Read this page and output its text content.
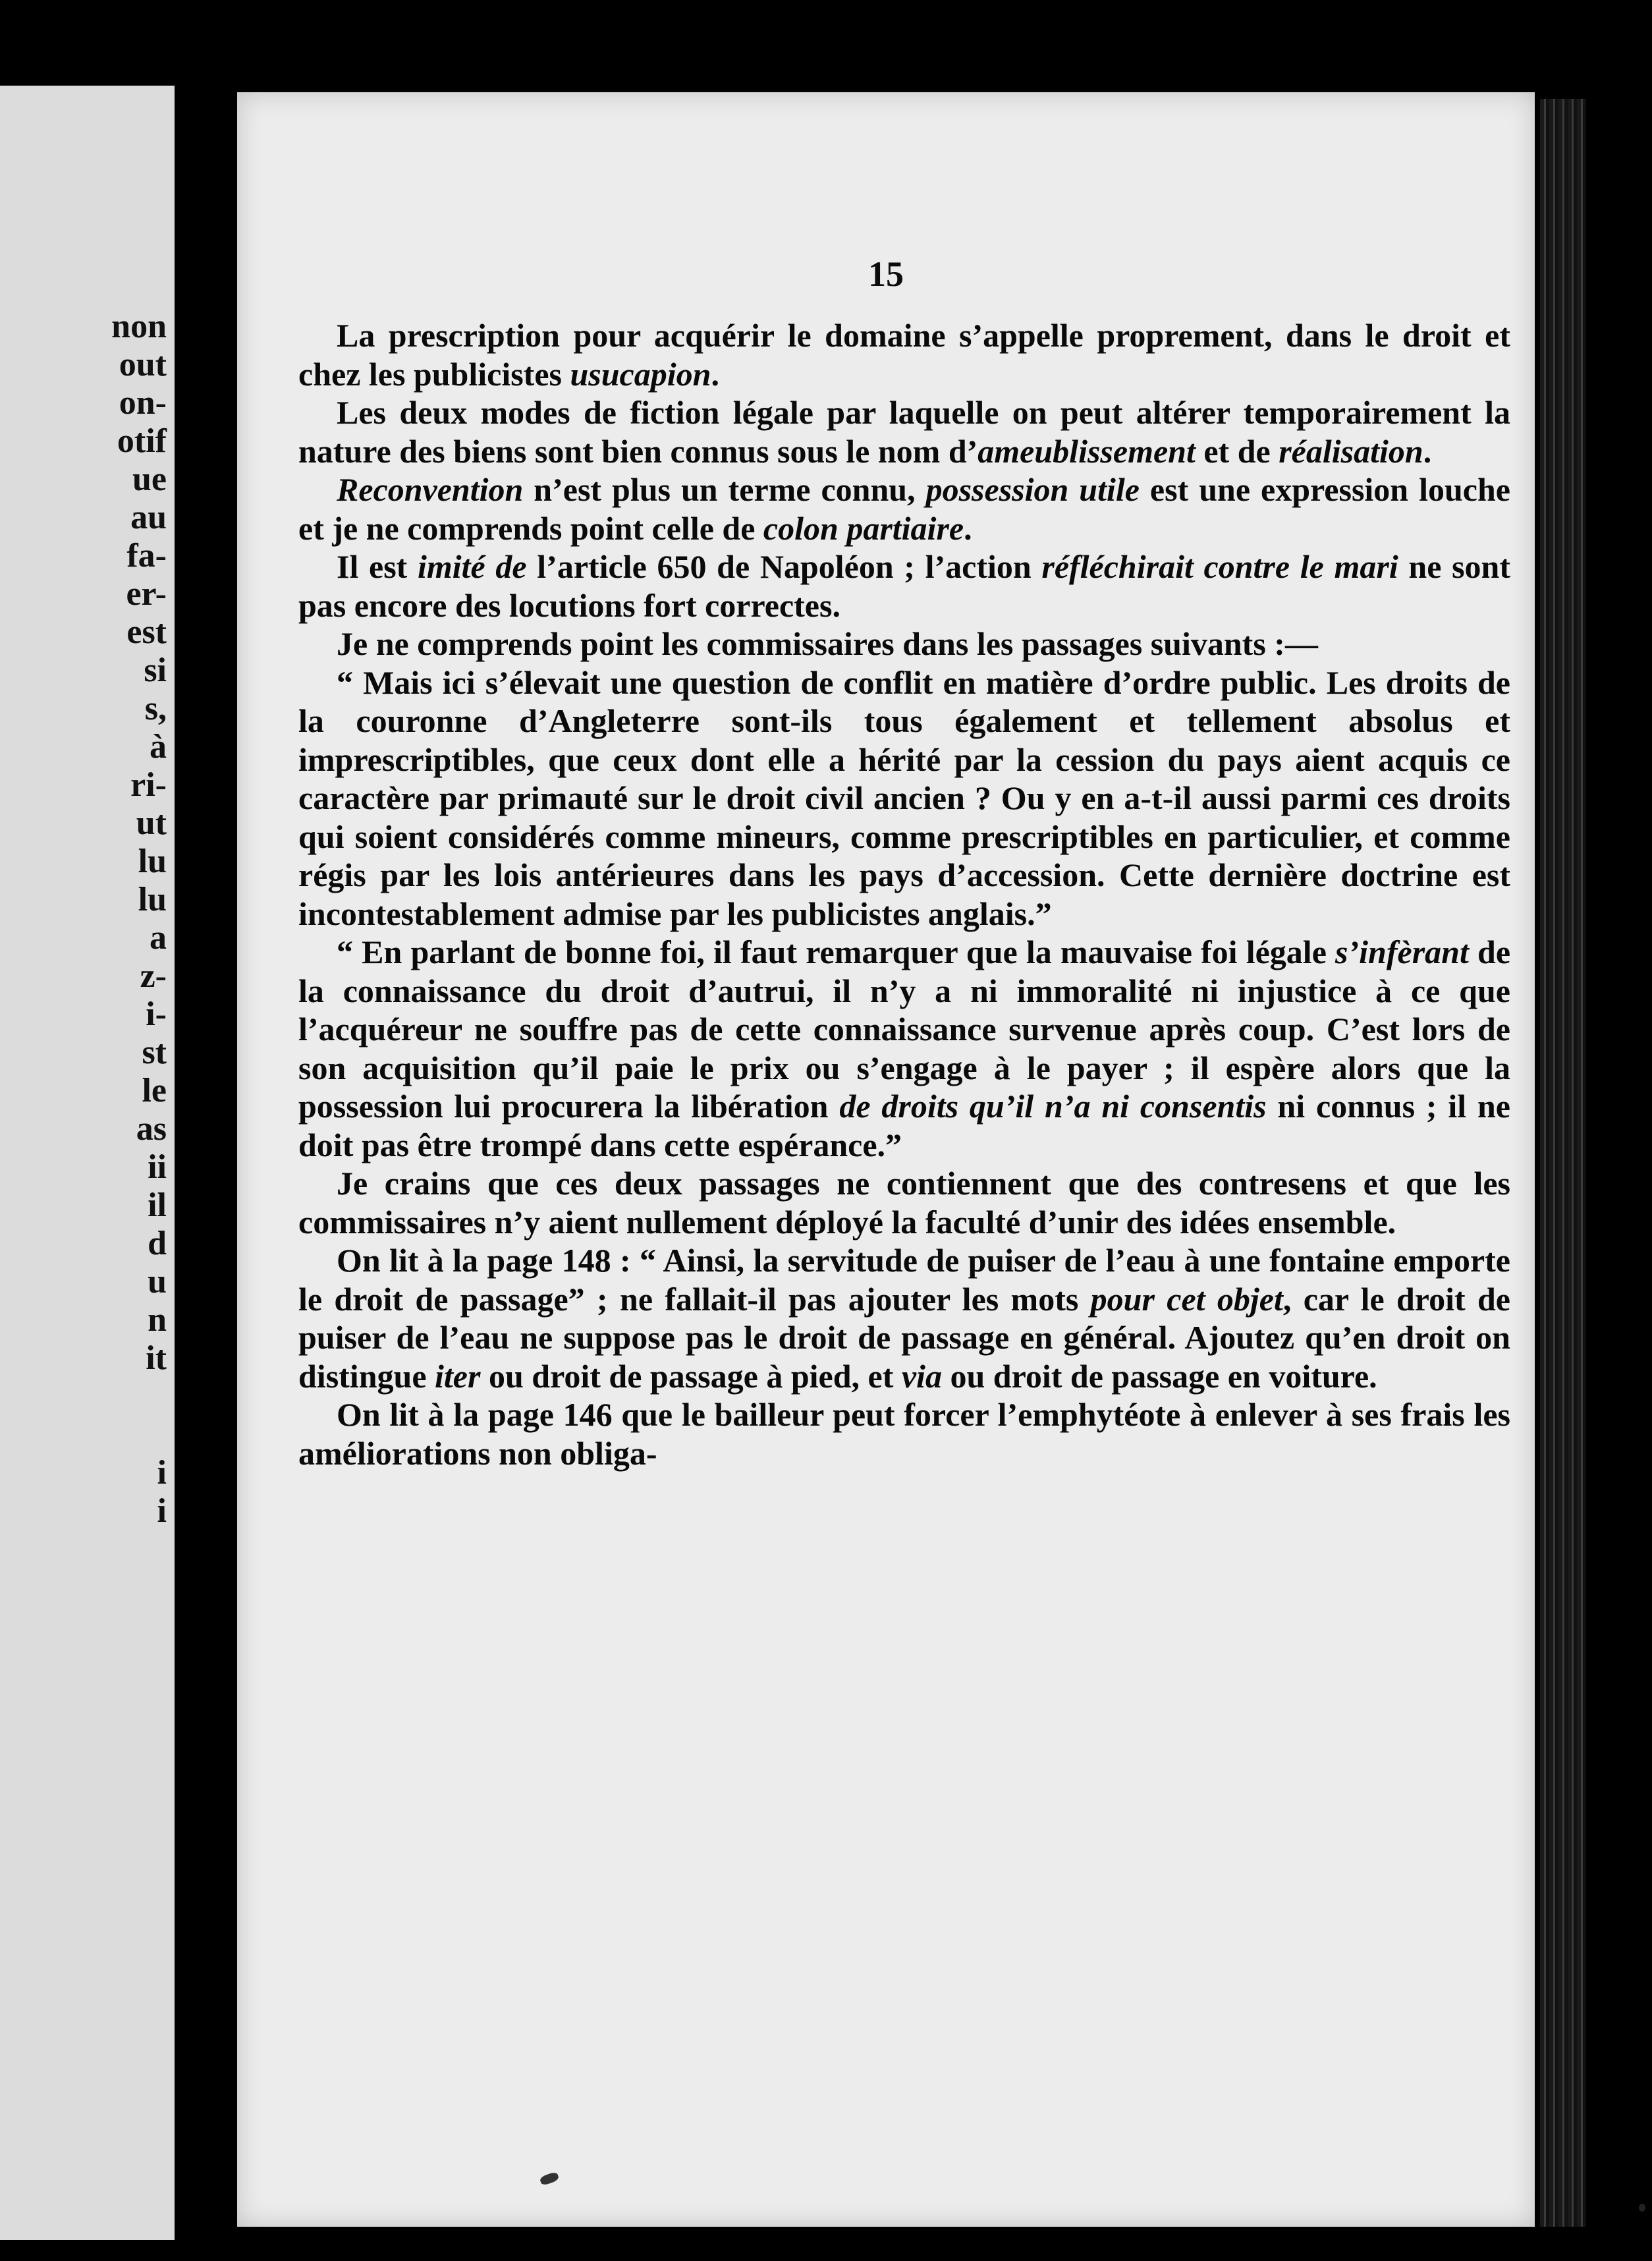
non
out
on-
otif
ue
au
fa-
er-
est
si
s,
à
ri-
ut
lu
lu
a
z-
i-
st
le
as
ii
il
d
u
n
it
i
i
15

La prescription pour acquérir le domaine s’appelle proprement, dans le droit et chez les publicistes usucapion.

Les deux modes de fiction légale par laquelle on peut altérer temporairement la nature des biens sont bien connus sous le nom d’ameublissement et de réalisation.

Reconvention n’est plus un terme connu, possession utile est une expression louche et je ne comprends point celle de colon partiaire.

Il est imité de l’article 650 de Napoléon ; l’action réfléchirait contre le mari ne sont pas encore des locutions fort correctes.

Je ne comprends point les commissaires dans les passages suivants :—

“ Mais ici s’élevait une question de conflit en matière d’ordre public. Les droits de la couronne d’Angleterre sont-ils tous également et tellement absolus et imprescriptibles, que ceux dont elle a hérité par la cession du pays aient acquis ce caractère par primauté sur le droit civil ancien ? Ou y en a-t-il aussi parmi ces droits qui soient considérés comme mineurs, comme prescriptibles en particulier, et comme régis par les lois antérieures dans les pays d’accession. Cette dernière doctrine est incontestablement admise par les publicistes anglais.”

“ En parlant de bonne foi, il faut remarquer que la mauvaise foi légale s’infèrant de la connaissance du droit d’autrui, il n’y a ni immoralité ni injustice à ce que l’acquéreur ne souffre pas de cette connaissance survenue après coup. C’est lors de son acquisition qu’il paie le prix ou s’engage à le payer ; il espère alors que la possession lui procurera la libération de droits qu’il n’a ni consentis ni connus ; il ne doit pas être trompé dans cette espérance.”

Je crains que ces deux passages ne contiennent que des contresens et que les commissaires n’y aient nullement déployé la faculté d’unir des idées ensemble.

On lit à la page 148 : “ Ainsi, la servitude de puiser de l’eau à une fontaine emporte le droit de passage” ; ne fallait-il pas ajouter les mots pour cet objet, car le droit de puiser de l’eau ne suppose pas le droit de passage en général. Ajoutez qu’en droit on distingue iter ou droit de passage à pied, et via ou droit de passage en voiture.

On lit à la page 146 que le bailleur peut forcer l’emphytéote à enlever à ses frais les améliorations non obliga-
